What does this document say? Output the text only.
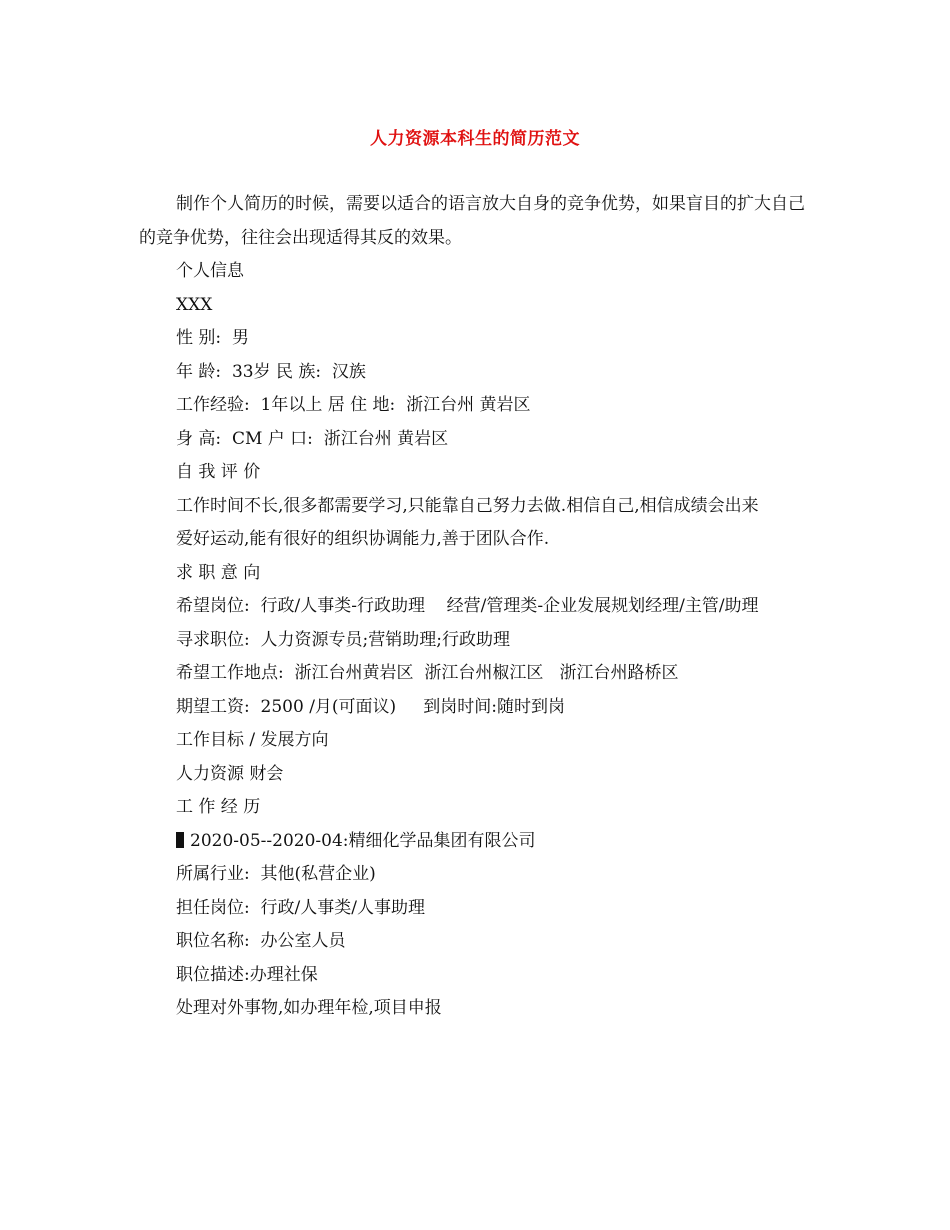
人力资源本科生的简历范文

制作个人简历的时候，需要以适合的语言放大自身的竞争优势，如果盲目的扩大自己的竞争优势，往往会出现适得其反的效果。

个人信息

XXX

性 别:  男

年 龄:  33岁 民 族:  汉族

工作经验:  1年以上 居 住 地:  浙江台州 黄岩区

身 高:  CM 户 口:  浙江台州 黄岩区

自 我 评 价

工作时间不长,很多都需要学习,只能靠自己努力去做.相信自己,相信成绩会出来

爱好运动,能有很好的组织协调能力,善于团队合作.

求 职 意 向

希望岗位:  行政/人事类-行政助理    经营/管理类-企业发展规划经理/主管/助理

寻求职位:  人力资源专员;营销助理;行政助理

希望工作地点:  浙江台州黄岩区  浙江台州椒江区   浙江台州路桥区

期望工资:  2500 /月(可面议)     到岗时间:随时到岗

工作目标 / 发展方向

人力资源 财会

工 作 经 历

2020-05--2020-04:精细化学品集团有限公司

所属行业:  其他(私营企业)

担任岗位:  行政/人事类/人事助理

职位名称:  办公室人员

职位描述:办理社保

处理对外事物,如办理年检,项目申报
